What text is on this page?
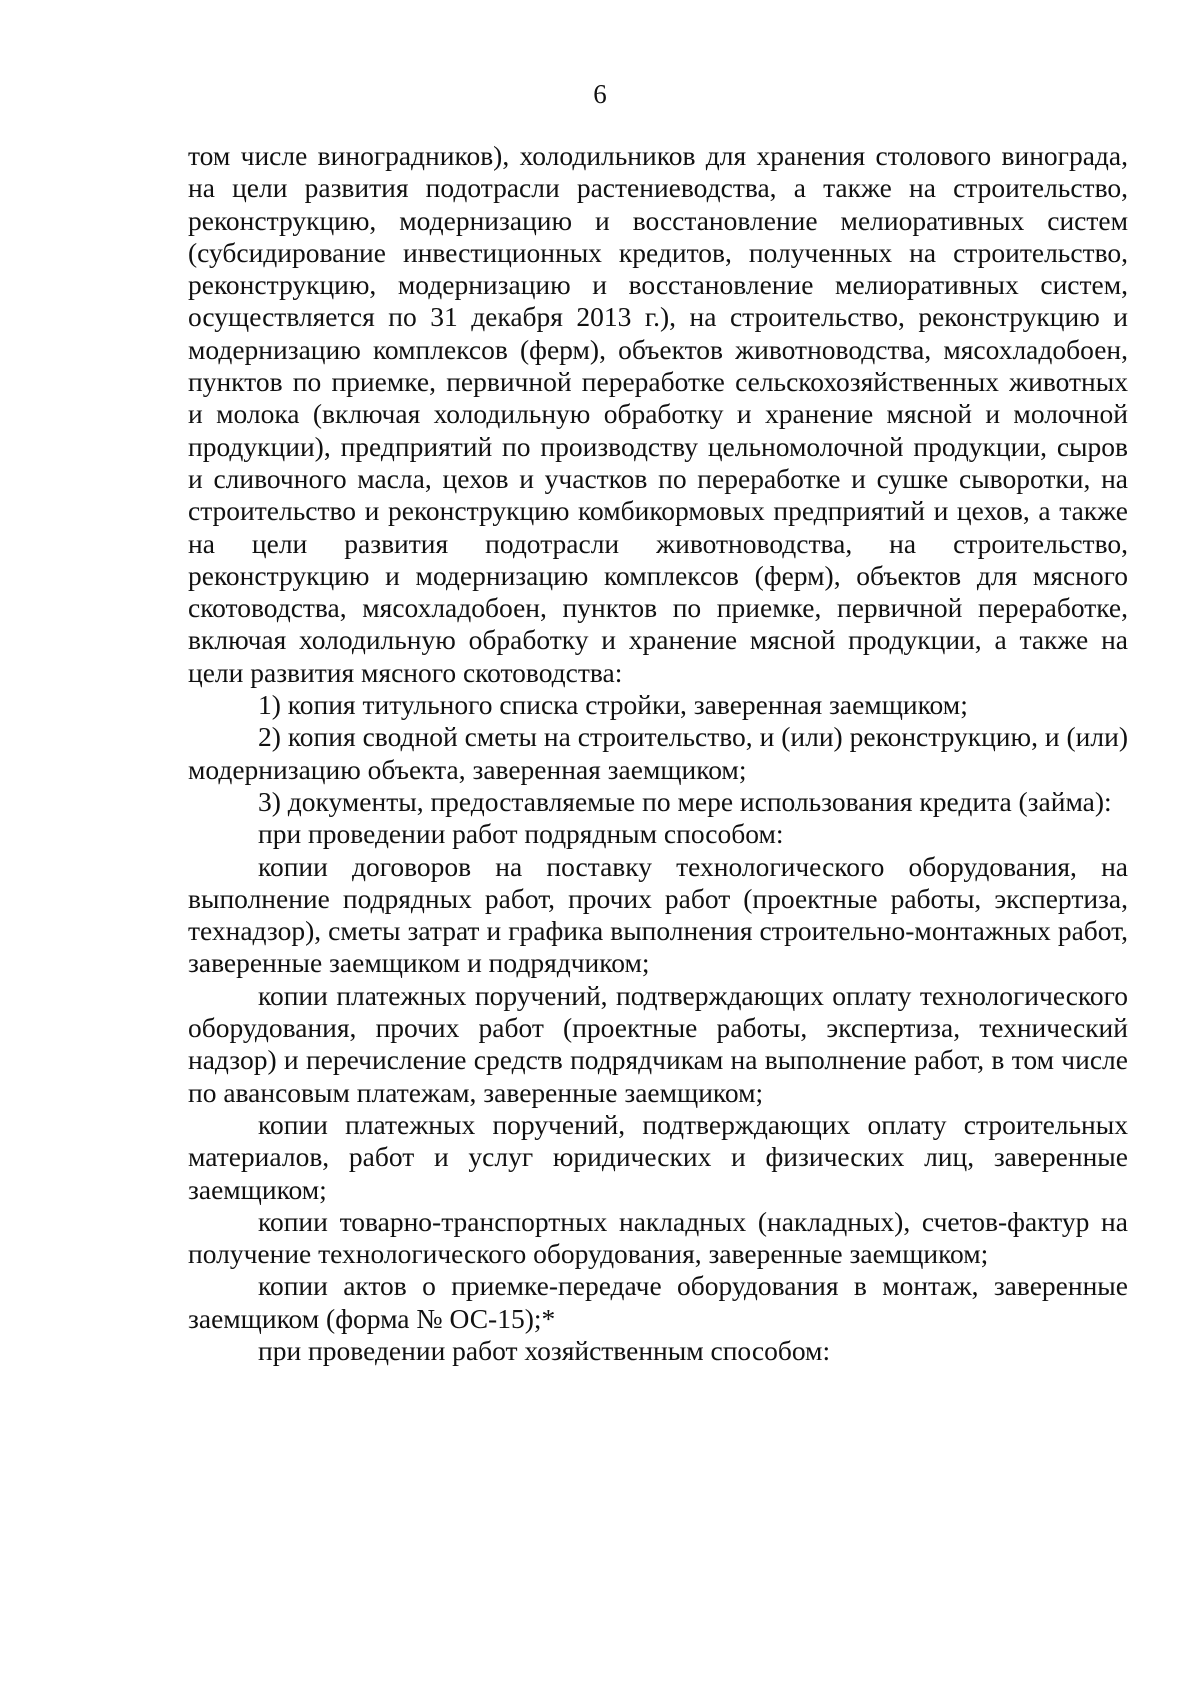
6

том числе виноградников), холодильников для хранения столового винограда, на цели развития подотрасли растениеводства, а также на строительство, реконструкцию, модернизацию и восстановление мелиоративных систем (субсидирование инвестиционных кредитов, полученных на строительство, реконструкцию, модернизацию и восстановление мелиоративных систем, осуществляется по 31 декабря 2013 г.), на строительство, реконструкцию и модернизацию комплексов (ферм), объектов животноводства, мясохладобоен, пунктов по приемке, первичной переработке сельскохозяйственных животных и молока (включая холодильную обработку и хранение мясной и молочной продукции), предприятий по производству цельномолочной продукции, сыров и сливочного масла, цехов и участков по переработке и сушке сыворотки, на строительство и реконструкцию комбикормовых предприятий и цехов, а также на цели развития подотрасли животноводства, на строительство, реконструкцию и модернизацию комплексов (ферм), объектов для мясного скотоводства, мясохладобоен, пунктов по приемке, первичной переработке, включая холодильную обработку и хранение мясной продукции, а также на цели развития мясного скотоводства:

1) копия титульного списка стройки, заверенная заемщиком;

2) копия сводной сметы на строительство, и (или) реконструкцию, и (или) модернизацию объекта, заверенная заемщиком;

3) документы, предоставляемые по мере использования кредита (займа):

при проведении работ подрядным способом:

копии договоров на поставку технологического оборудования, на выполнение подрядных работ, прочих работ (проектные работы, экспертиза, технадзор), сметы затрат и графика выполнения строительно-монтажных работ, заверенные заемщиком и подрядчиком;

копии платежных поручений, подтверждающих оплату технологического оборудования, прочих работ (проектные работы, экспертиза, технический надзор) и перечисление средств подрядчикам на выполнение работ, в том числе по авансовым платежам, заверенные заемщиком;

копии платежных поручений, подтверждающих оплату строительных материалов, работ и услуг юридических и физических лиц, заверенные заемщиком;

копии товарно-транспортных накладных (накладных), счетов-фактур на получение технологического оборудования, заверенные заемщиком;

копии актов о приемке-передаче оборудования в монтаж, заверенные заемщиком (форма № ОС-15);*

при проведении работ хозяйственным способом:
